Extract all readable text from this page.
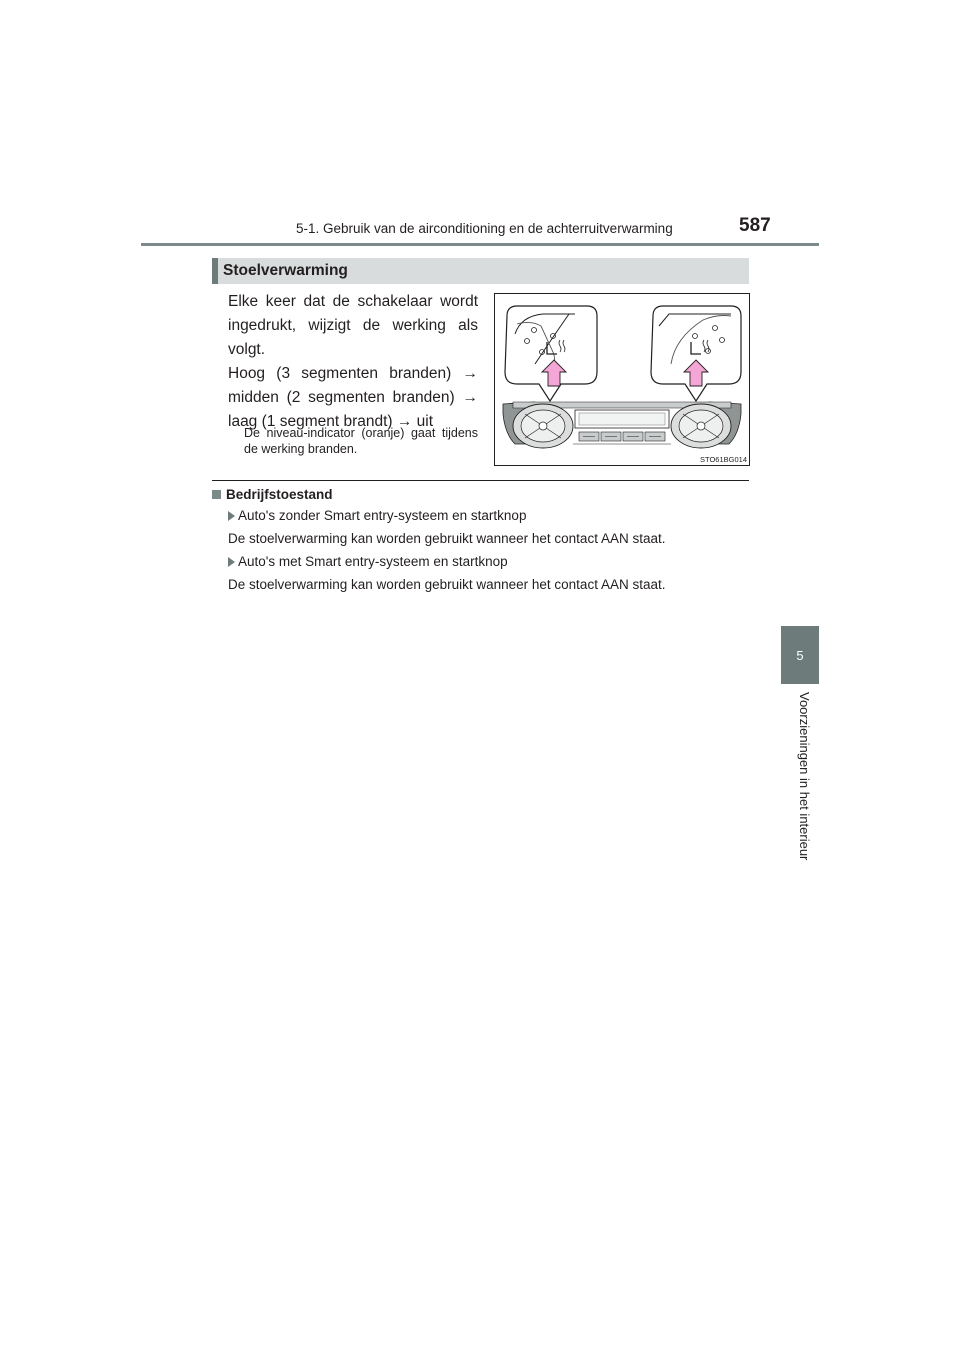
5-1. Gebruik van de airconditioning en de achterruitverwarming	587
5
Voorzieningen in het interieur
Stoelverwarming
Elke keer dat de schakelaar wordt
ingedrukt, wijzigt de werking als
volgt.
Hoog (3 segmenten branden) →
midden (2 segmenten branden) →
laag (1 segment brandt) → uit
De niveau-indicator (oranje) gaat tijdens de werking branden.
STO61BG014
Bedrijfstoestand
Auto's zonder Smart entry-systeem en startknop
De stoelverwarming kan worden gebruikt wanneer het contact AAN staat.
Auto's met Smart entry-systeem en startknop
De stoelverwarming kan worden gebruikt wanneer het contact AAN staat.
